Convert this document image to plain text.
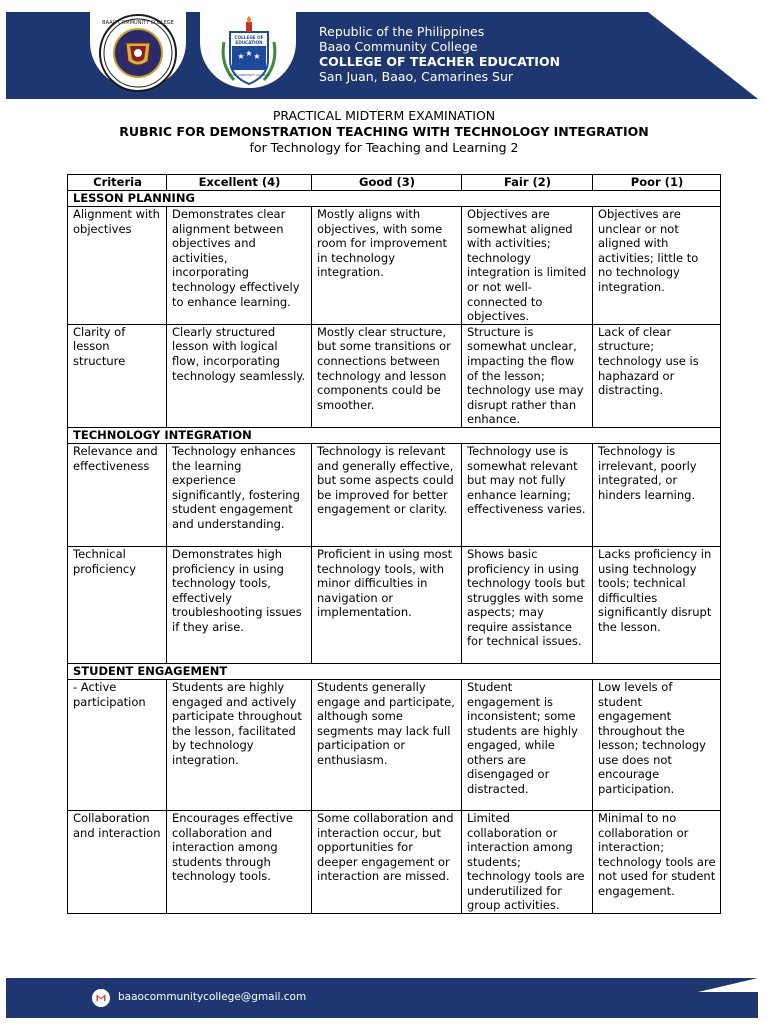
BAAO COMMUNITY COLLEGE
COLLEGE OF
EDUCATION
★ ★ ★
BAAO COMMUNITY COLLEGE
Republic of the Philippines
Baao Community College
COLLEGE OF TEACHER EDUCATION
San Juan, Baao, Camarines Sur
PRACTICAL MIDTERM EXAMINATION
RUBRIC FOR DEMONSTRATION TEACHING WITH TECHNOLOGY INTEGRATION
for Technology for Teaching and Learning 2
Criteria	Excellent (4)	Good (3)	Fair (2)	Poor (1)
LESSON PLANNING				
Alignment with objectives	Demonstrates clear alignment between objectives and activities, incorporating technology effectively to enhance learning.	Mostly aligns with objectives, with some room for improvement in technology integration.	Objectives are somewhat aligned with activities; technology integration is limited or not well-connected to objectives.	Objectives are unclear or not aligned with activities; little to no technology integration.
Clarity of lesson structure	Clearly structured lesson with logical flow, incorporating technology seamlessly.	Mostly clear structure, but some transitions or connections between technology and lesson components could be smoother.	Structure is somewhat unclear, impacting the flow of the lesson; technology use may disrupt rather than enhance.	Lack of clear structure; technology use is haphazard or distracting.
TECHNOLOGY INTEGRATION				
Relevance and effectiveness	Technology enhances the learning experience significantly, fostering student engagement and understanding.	Technology is relevant and generally effective, but some aspects could be improved for better engagement or clarity.	Technology use is somewhat relevant but may not fully enhance learning; effectiveness varies.	Technology is irrelevant, poorly integrated, or hinders learning.
Technical proficiency	Demonstrates high proficiency in using technology tools, effectively troubleshooting issues if they arise.	Proficient in using most technology tools, with minor difficulties in navigation or implementation.	Shows basic proficiency in using technology tools but struggles with some aspects; may require assistance for technical issues.	Lacks proficiency in using technology tools; technical difficulties significantly disrupt the lesson.
STUDENT ENGAGEMENT				
- Active participation	Students are highly engaged and actively participate throughout the lesson, facilitated by technology integration.	Students generally engage and participate, although some segments may lack full participation or enthusiasm.	Student engagement is inconsistent; some students are highly engaged, while others are disengaged or distracted.	Low levels of student engagement throughout the lesson; technology use does not encourage participation.
Collaboration and interaction	Encourages effective collaboration and interaction among students through technology tools.	Some collaboration and interaction occur, but opportunities for deeper engagement or interaction are missed.	Limited collaboration or interaction among students; technology tools are underutilized for group activities.	Minimal to no collaboration or interaction; technology tools are not used for student engagement.
baaocommunitycollege@gmail.com
